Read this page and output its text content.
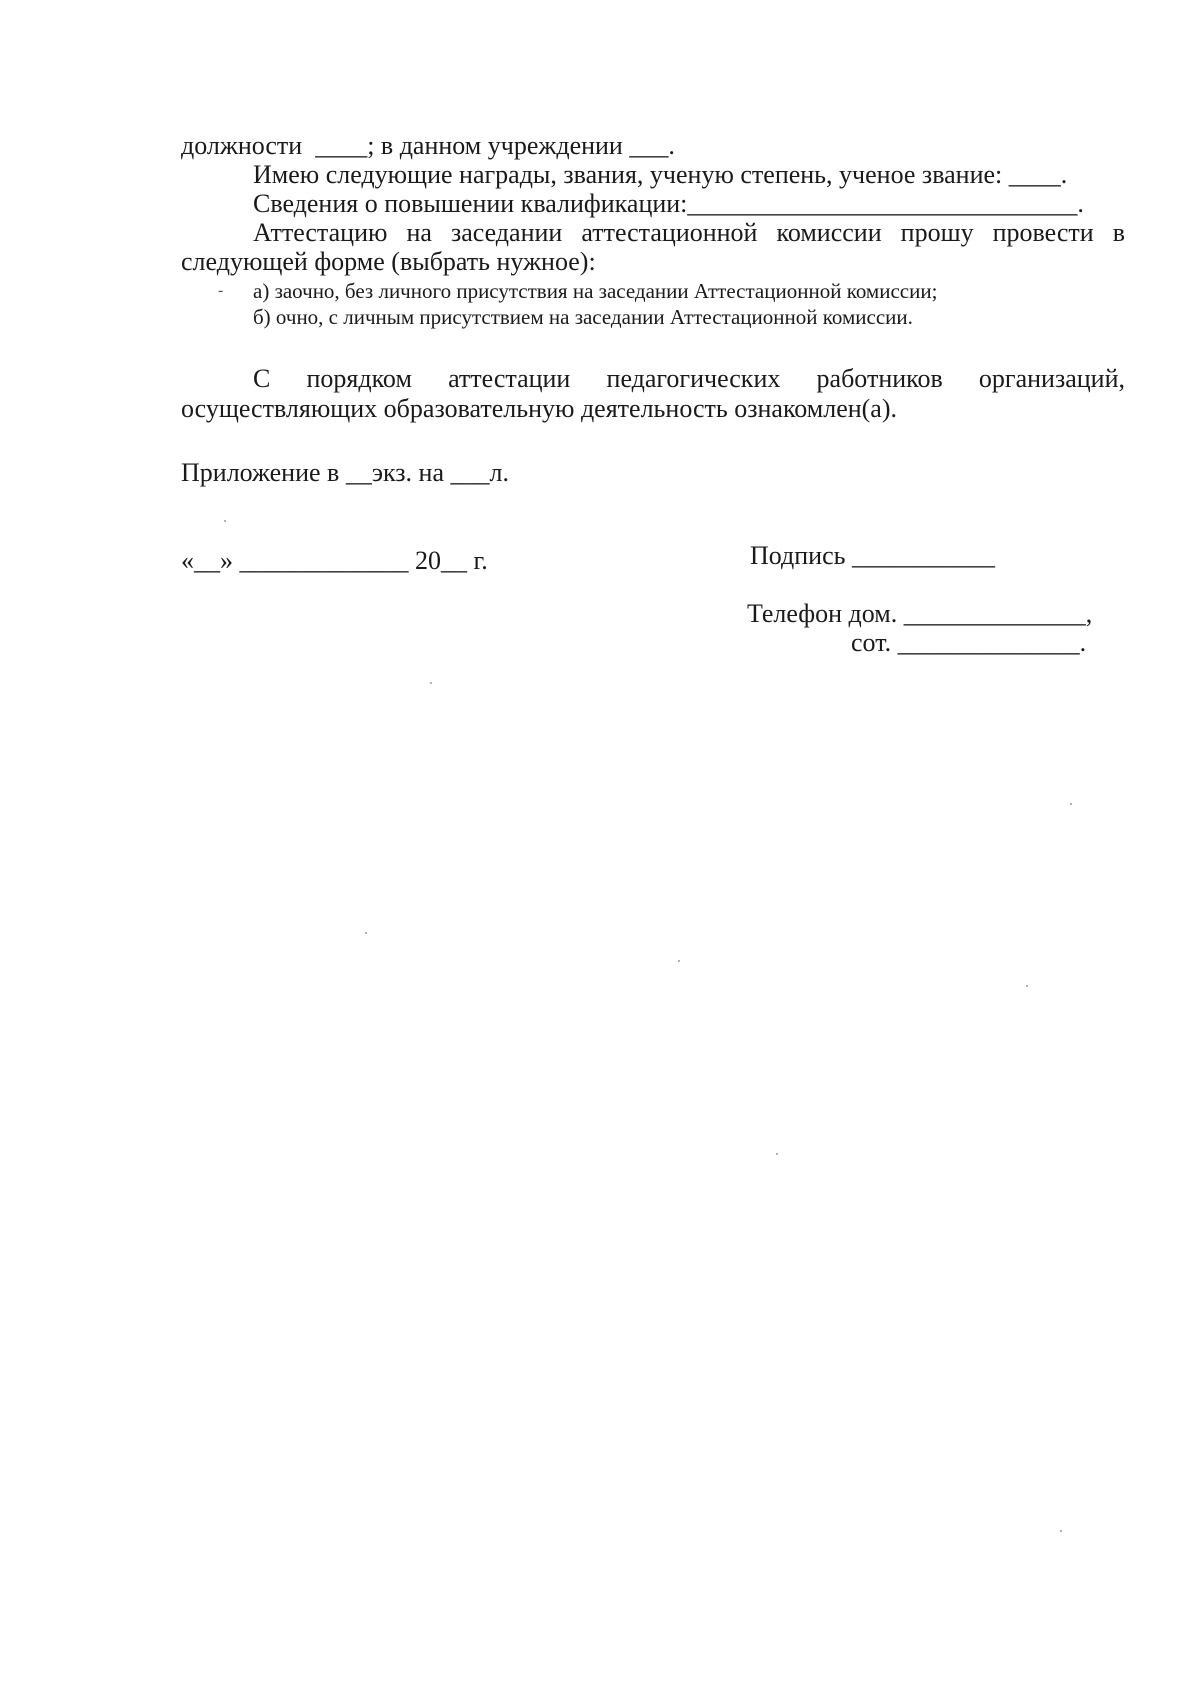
должности  ____; в данном учреждении ___.
Имею следующие награды, звания, ученую степень, ученое звание: ____.
Сведения о повышении квалификации:______________________________.
Аттестацию на заседании аттестационной комиссии прошу провести в
следующей форме (выбрать нужное):
- а) заочно, без личного присутствия на заседании Аттестационной комиссии;
б) очно, с личным присутствием на заседании Аттестационной комиссии.
С порядком аттестации педагогических работников организаций,
осуществляющих образовательную деятельность ознакомлен(а).
Приложение в __экз. на ___л.
«__» _____________ 20__ г.	Подпись ___________
Телефон дом. ______________,
сот. ______________.
